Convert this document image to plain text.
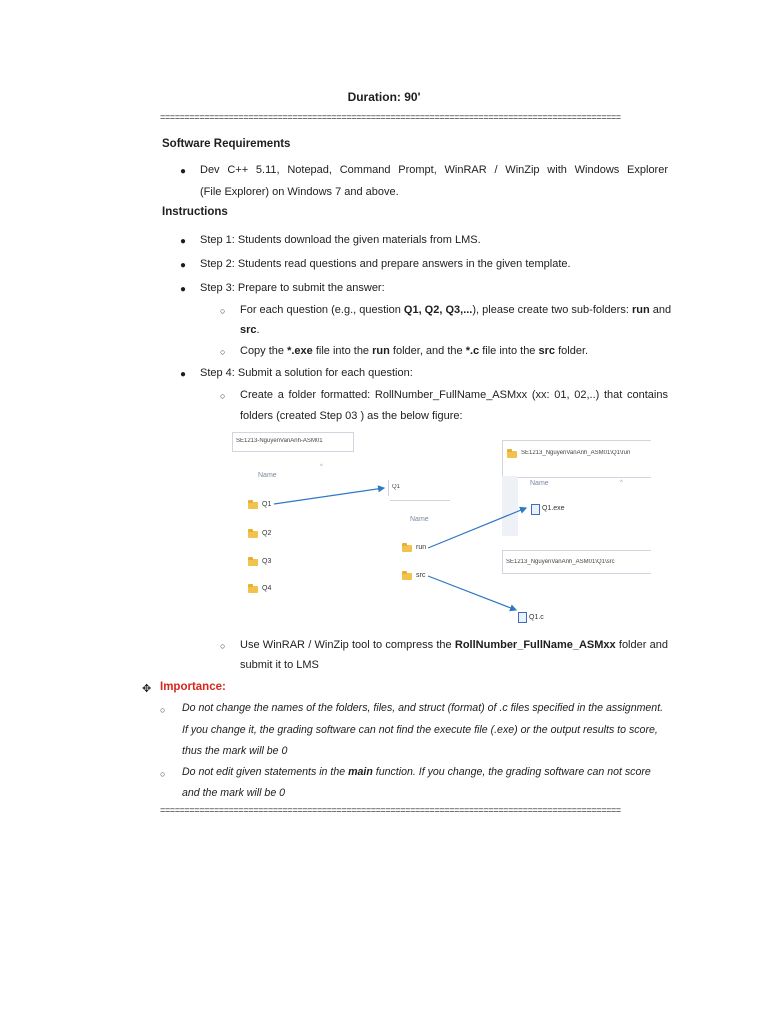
Duration: 90'
==============================================================================================
Software Requirements
● Dev C++ 5.11, Notepad, Command Prompt, WinRAR / WinZip with Windows Explorer
(File Explorer) on Windows 7 and above.
Instructions
● Step 1: Students download the given materials from LMS.
● Step 2: Students read questions and prepare answers in the given template.
● Step 3: Prepare to submit the answer:
○ For each question (e.g., question Q1, Q2, Q3,...), please create two sub-folders: run and
src.
○ Copy the *.exe file into the run folder, and the *.c file into the src folder.
● Step 4: Submit a solution for each question:
○ Create a folder formatted: RollNumber_FullName_ASMxx (xx: 01, 02,..) that contains
folders (created Step 03 ) as the below figure:
SE1213-NguyenVanAnh-ASM01
Name
^
Q1
Q2
Q3
Q4
Q1
Name
run
src
SE1213_NguyenVanAnh_ASM01\Q1\run
Name	^
Q1.exe
SE1213_NguyenVanAnh_ASM01\Q1\src
Q1.c
○ Use WinRAR / WinZip tool to compress the RollNumber_FullName_ASMxx folder and
submit it to LMS
✥ Importance:
○ Do not change the names of the folders, files, and struct (format) of .c files specified in the assignment.
If you change it, the grading software can not find the execute file (.exe) or the output results to score,
thus the mark will be 0
○ Do not edit given statements in the main function. If you change, the grading software can not score
and the mark will be 0
==============================================================================================
